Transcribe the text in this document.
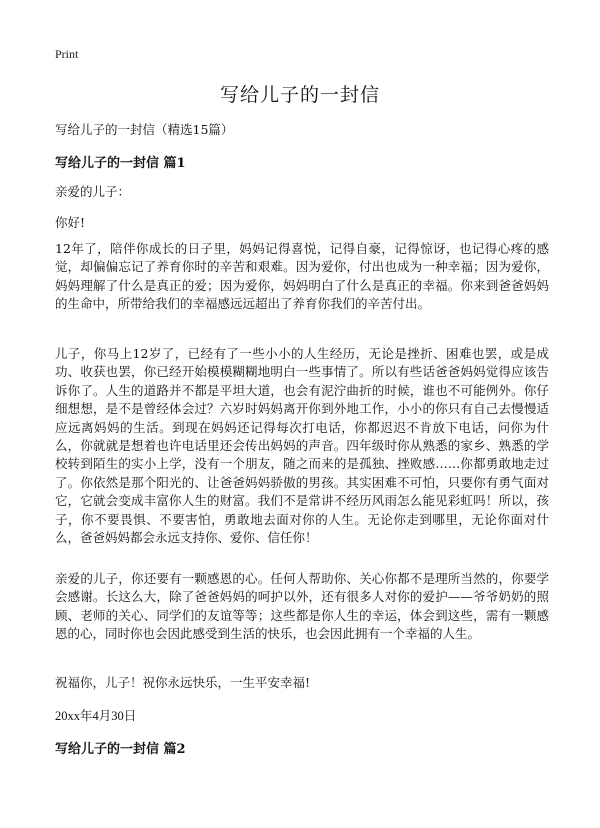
Print
写给儿子的一封信
写给儿子的一封信（精选15篇）
写给儿子的一封信 篇1
亲爱的儿子：
你好!
12年了，陪伴你成长的日子里，妈妈记得喜悦，记得自豪，记得惊讶，也记得心疼的感觉，却偏偏忘记了养育你时的辛苦和艰难。因为爱你，付出也成为一种幸福；因为爱你，妈妈理解了什么是真正的爱；因为爱你，妈妈明白了什么是真正的幸福。你来到爸爸妈妈的生命中，所带给我们的幸福感远远超出了养育你我们的辛苦付出。
儿子，你马上12岁了，已经有了一些小小的人生经历，无论是挫折、困难也罢，或是成功、收获也罢，你已经开始模模糊糊地明白一些事情了。所以有些话爸爸妈妈觉得应该告诉你了。人生的道路并不都是平坦大道，也会有泥泞曲折的时候，谁也不可能例外。你仔细想想，是不是曾经体会过？六岁时妈妈离开你到外地工作，小小的你只有自己去慢慢适应远离妈妈的生活。到现在妈妈还记得每次打电话，你都迟迟不肯放下电话，问你为什么，你就就是想着也许电话里还会传出妈妈的声音。四年级时你从熟悉的家乡、熟悉的学校转到陌生的实小上学，没有一个朋友，随之而来的是孤独、挫败感……你都勇敢地走过了。你依然是那个阳光的、让爸爸妈妈骄傲的男孩。其实困难不可怕，只要你有勇气面对它，它就会变成丰富你人生的财富。我们不是常讲不经历风雨怎么能见彩虹吗！所以，孩子，你不要畏惧、不要害怕，勇敢地去面对你的人生。无论你走到哪里，无论你面对什么，爸爸妈妈都会永远支持你、爱你、信任你！
亲爱的儿子，你还要有一颗感恩的心。任何人帮助你、关心你都不是理所当然的，你要学会感谢。长这么大，除了爸爸妈妈的呵护以外，还有很多人对你的爱护——爷爷奶奶的照顾、老师的关心、同学们的友谊等等；这些都是你人生的幸运，体会到这些，需有一颗感恩的心，同时你也会因此感受到生活的快乐，也会因此拥有一个幸福的人生。
祝福你，儿子！祝你永远快乐，一生平安幸福!
20xx年4月30日
写给儿子的一封信 篇2
